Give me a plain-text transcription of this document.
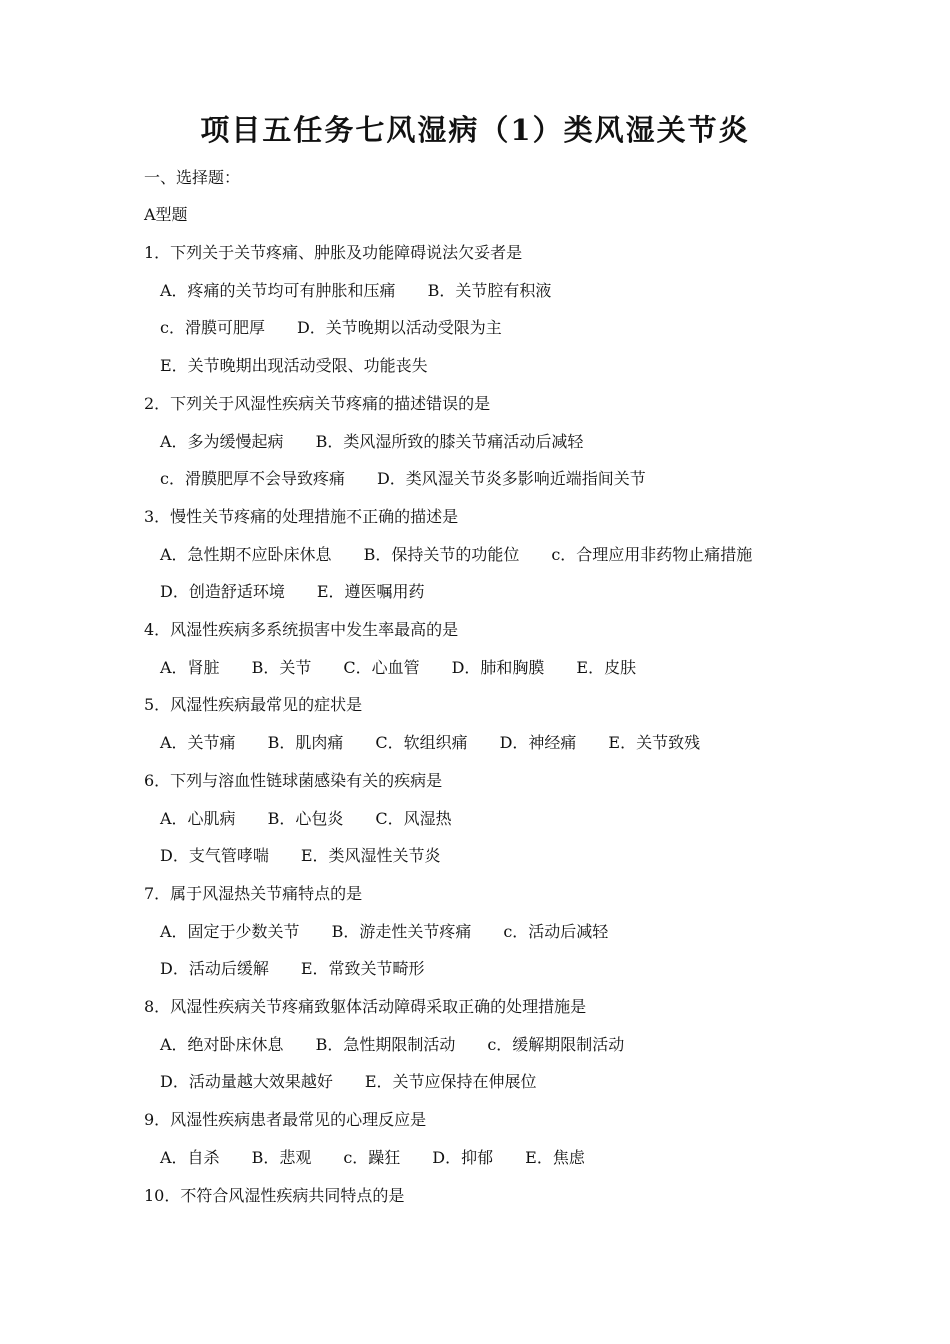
项目五任务七风湿病（1）类风湿关节炎
一、选择题：
A型题
1．下列关于关节疼痛、肿胀及功能障碍说法欠妥者是
A．疼痛的关节均可有肿胀和压痛 B．关节腔有积液
c．滑膜可肥厚 D．关节晚期以活动受限为主
E．关节晚期出现活动受限、功能丧失
2．下列关于风湿性疾病关节疼痛的描述错误的是
A．多为缓慢起病 B．类风湿所致的膝关节痛活动后减轻
c．滑膜肥厚不会导致疼痛 D．类风湿关节炎多影响近端指间关节
3．慢性关节疼痛的处理措施不正确的描述是
A．急性期不应卧床休息 B．保持关节的功能位 c．合理应用非药物止痛措施
D．创造舒适环境 E．遵医嘱用药
4．风湿性疾病多系统损害中发生率最高的是
A．肾脏 B．关节 C．心血管 D．肺和胸膜 E．皮肤
5．风湿性疾病最常见的症状是
A．关节痛 B．肌肉痛 C．软组织痛 D．神经痛 E．关节致残
6．下列与溶血性链球菌感染有关的疾病是
A．心肌病 B．心包炎 C．风湿热
D．支气管哮喘 E．类风湿性关节炎
7．属于风湿热关节痛特点的是
A．固定于少数关节 B．游走性关节疼痛 c．活动后减轻
D．活动后缓解 E．常致关节畸形
8．风湿性疾病关节疼痛致躯体活动障碍采取正确的处理措施是
A．绝对卧床休息 B．急性期限制活动 c．缓解期限制活动
D．活动量越大效果越好 E．关节应保持在伸展位
9．风湿性疾病患者最常见的心理反应是
A．自杀 B．悲观 c．躁狂 D．抑郁 E．焦虑
10．不符合风湿性疾病共同特点的是
